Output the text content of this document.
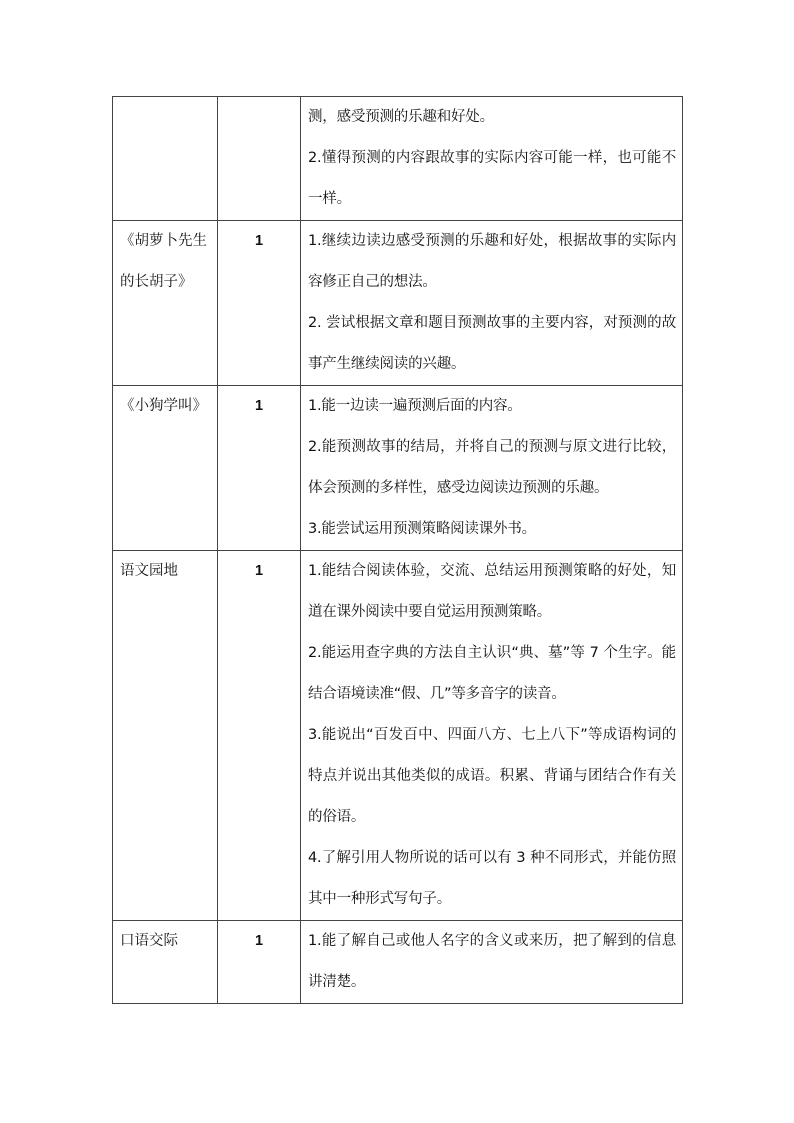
		测，感受预测的乐趣和好处。
2.懂得预测的内容跟故事的实际内容可能一样，也可能不一样。

《胡萝卜先生的长胡子》	1	1.继续边读边感受预测的乐趣和好处，根据故事的实际内容修正自己的想法。
2. 尝试根据文章和题目预测故事的主要内容，对预测的故事产生继续阅读的兴趣。

《小狗学叫》	1	1.能一边读一遍预测后面的内容。
2.能预测故事的结局，并将自己的预测与原文进行比较，体会预测的多样性，感受边阅读边预测的乐趣。
3.能尝试运用预测策略阅读课外书。

语文园地	1	1.能结合阅读体验，交流、总结运用预测策略的好处，知道在课外阅读中要自觉运用预测策略。
2.能运用查字典的方法自主认识“典、墓”等 7 个生字。能结合语境读准“假、几”等多音字的读音。
3.能说出“百发百中、四面八方、七上八下”等成语构词的特点并说出其他类似的成语。积累、背诵与团结合作有关的俗语。
4.了解引用人物所说的话可以有 3 种不同形式，并能仿照其中一种形式写句子。

口语交际	1	1.能了解自己或他人名字的含义或来历，把了解到的信息讲清楚。
